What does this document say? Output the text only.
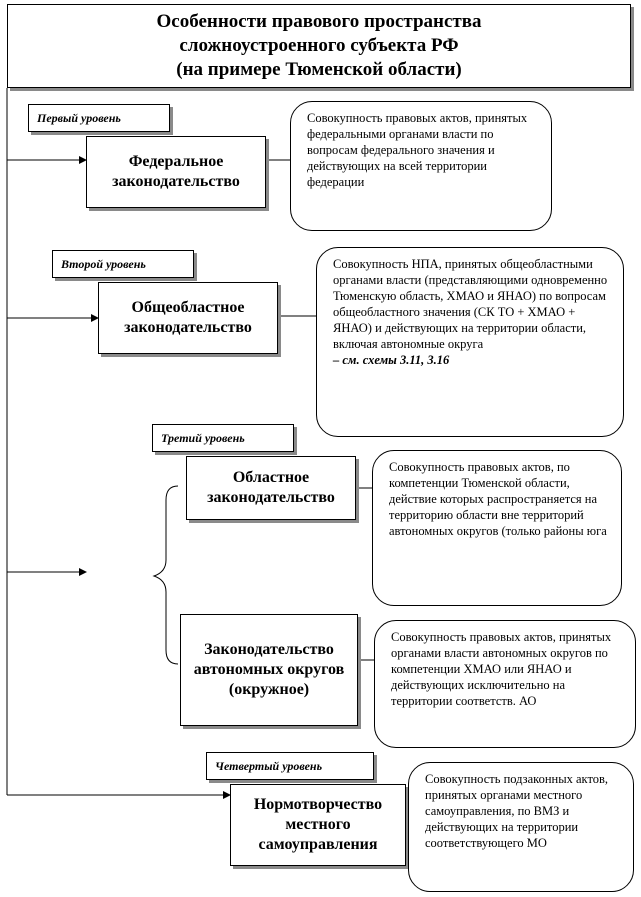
Особенности правового пространства
сложноустроенного субъекта РФ
(на примере Тюменской области)
Первый уровень
Федеральное законодательство
Совокупность правовых актов, принятых федеральными органами власти по вопросам федерального значения и действующих на всей территории федерации
Второй уровень
Общеобластное законодательство
Совокупность НПА, принятых общеобластными органами власти (представляющими одновременно Тюменскую область, ХМАО и ЯНАО) по вопросам общеобластного значения (СК ТО + ХМАО + ЯНАО) и действующих на территории области, включая автономные округа
– см. схемы 3.11, 3.16
Третий уровень
Областное законодательство
Совокупность правовых актов, по компетенции Тюменской области, действие которых распространяется на территорию области вне территорий автономных округов (только районы юга
Законодательство автономных округов (окружное)
Совокупность правовых актов, принятых органами власти автономных округов по компетенции ХМАО или ЯНАО и действующих исключительно на территории соответств. АО
Четвертый уровень
Нормотворчество местного самоуправления
Совокупность подзаконных актов, принятых органами местного самоуправления, по ВМЗ и действующих на территории соответствующего МО
